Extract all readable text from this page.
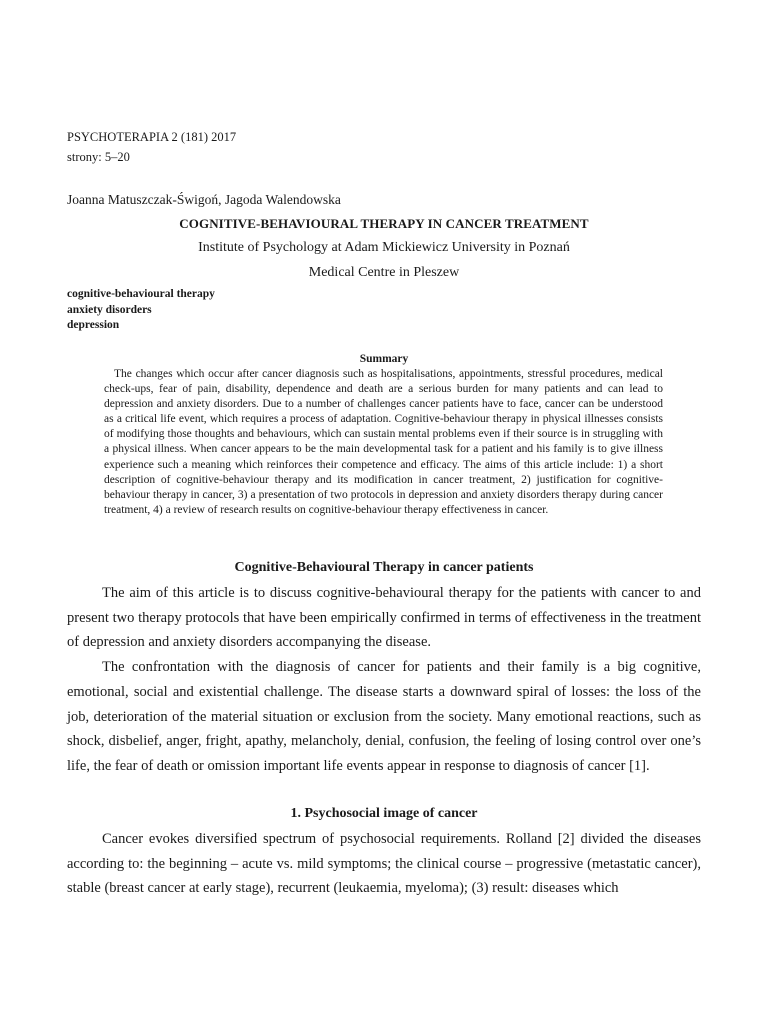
PSYCHOTERAPIA 2 (181) 2017
strony: 5–20
Joanna Matuszczak-Świgoń, Jagoda Walendowska
COGNITIVE-BEHAVIOURAL THERAPY IN CANCER TREATMENT
Institute of Psychology at Adam Mickiewicz University in Poznań
Medical Centre in Pleszew
cognitive-behavioural therapy
anxiety disorders
depression
Summary

The changes which occur after cancer diagnosis such as hospitalisations, appointments, stressful procedures, medical check-ups, fear of pain, disability, dependence and death are a serious burden for many patients and can lead to depression and anxiety disorders. Due to a number of challenges cancer patients have to face, cancer can be understood as a critical life event, which requires a process of adaptation. Cognitive-behaviour therapy in physical illnesses consists of modifying those thoughts and behaviours, which can sustain mental problems even if their source is in struggling with a physical illness. When cancer appears to be the main developmental task for a patient and his family is to give illness experience such a meaning which reinforces their competence and efficacy. The aims of this article include: 1) a short description of cognitive-behaviour therapy and its modification in cancer treatment, 2) justification for cognitive-behaviour therapy in cancer, 3) a presentation of two protocols in depression and anxiety disorders therapy during cancer treatment, 4) a review of research results on cognitive-behaviour therapy effectiveness in cancer.

Cognitive-Behavioural Therapy in cancer patients

The aim of this article is to discuss cognitive-behavioural therapy for the patients with cancer to and present two therapy protocols that have been empirically confirmed in terms of effectiveness in the treatment of depression and anxiety disorders accompanying the disease.

The confrontation with the diagnosis of cancer for patients and their family is a big cognitive, emotional, social and existential challenge. The disease starts a downward spiral of losses: the loss of the job, deterioration of the material situation or exclusion from the society. Many emotional reactions, such as shock, disbelief, anger, fright, apathy, melancholy, denial, confusion, the feeling of losing control over one’s life, the fear of death or omission important life events appear in response to diagnosis of cancer [1].

1. Psychosocial image of cancer

Cancer evokes diversified spectrum of psychosocial requirements. Rolland [2] divided the diseases according to: the beginning – acute vs. mild symptoms; the clinical course – progressive (metastatic cancer), stable (breast cancer at early stage), recurrent (leukaemia, myeloma); (3) result: diseases which
